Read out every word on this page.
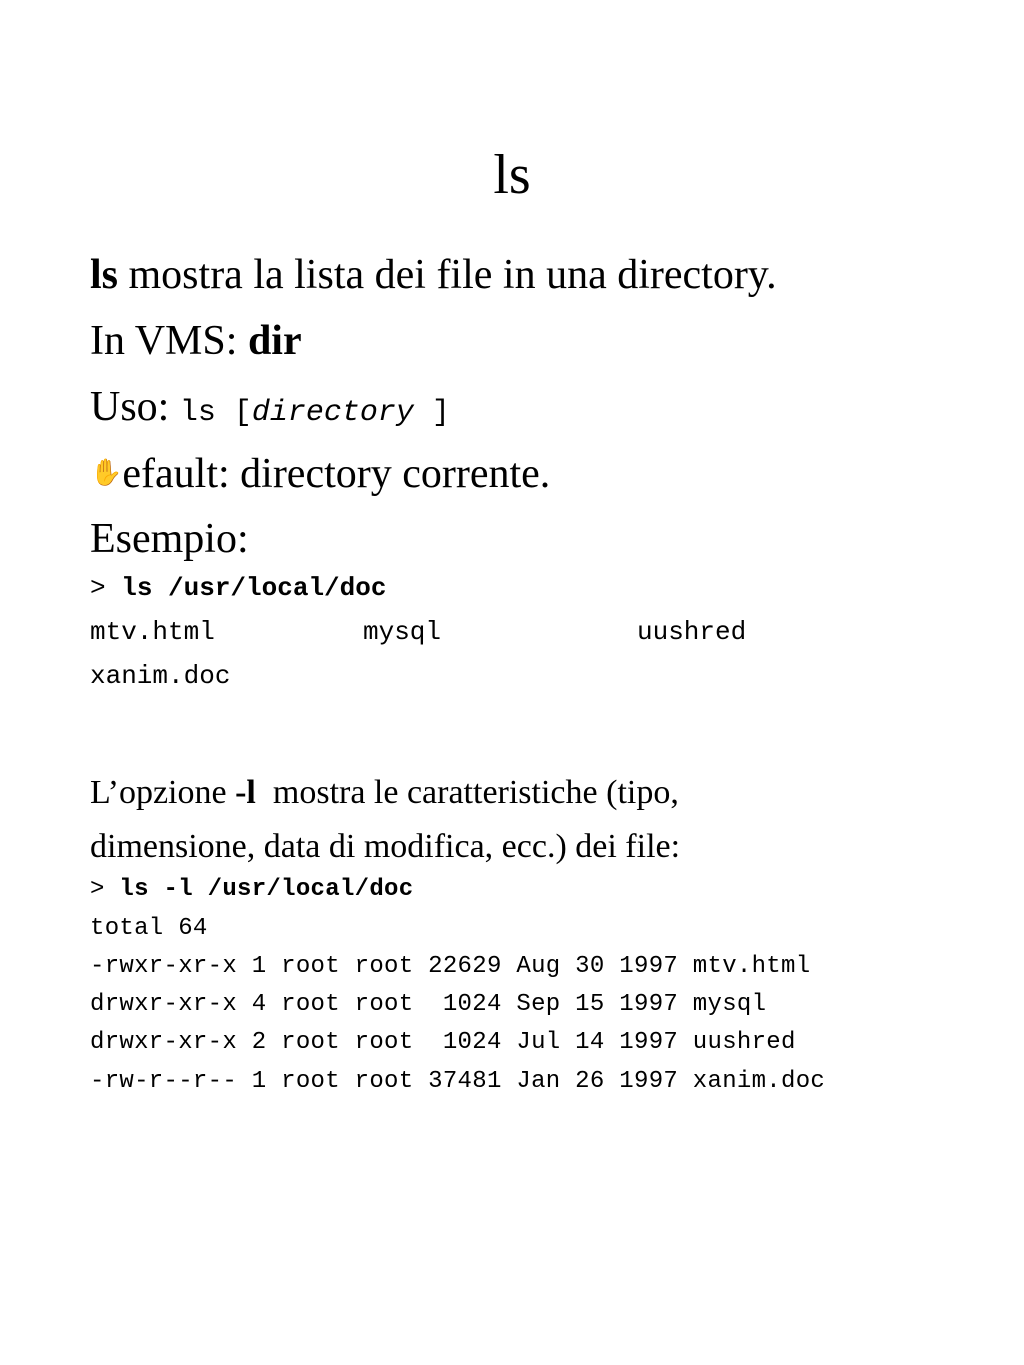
ls
ls mostra la lista dei file in una directory.
In VMS: dir
Uso: ls [directory ]
✋efault: directory corrente.
Esempio:
> ls /usr/local/doc
mtv.html	mysql	uushred
xanim.doc
L’opzione -l  mostra le caratteristiche (tipo,
dimensione, data di modifica, ecc.) dei file:
> ls -l /usr/local/doc
total 64
-rwxr-xr-x 1 root root 22629 Aug 30 1997 mtv.html
drwxr-xr-x 4 root root  1024 Sep 15 1997 mysql
drwxr-xr-x 2 root root  1024 Jul 14 1997 uushred
-rw-r--r-- 1 root root 37481 Jan 26 1997 xanim.doc
